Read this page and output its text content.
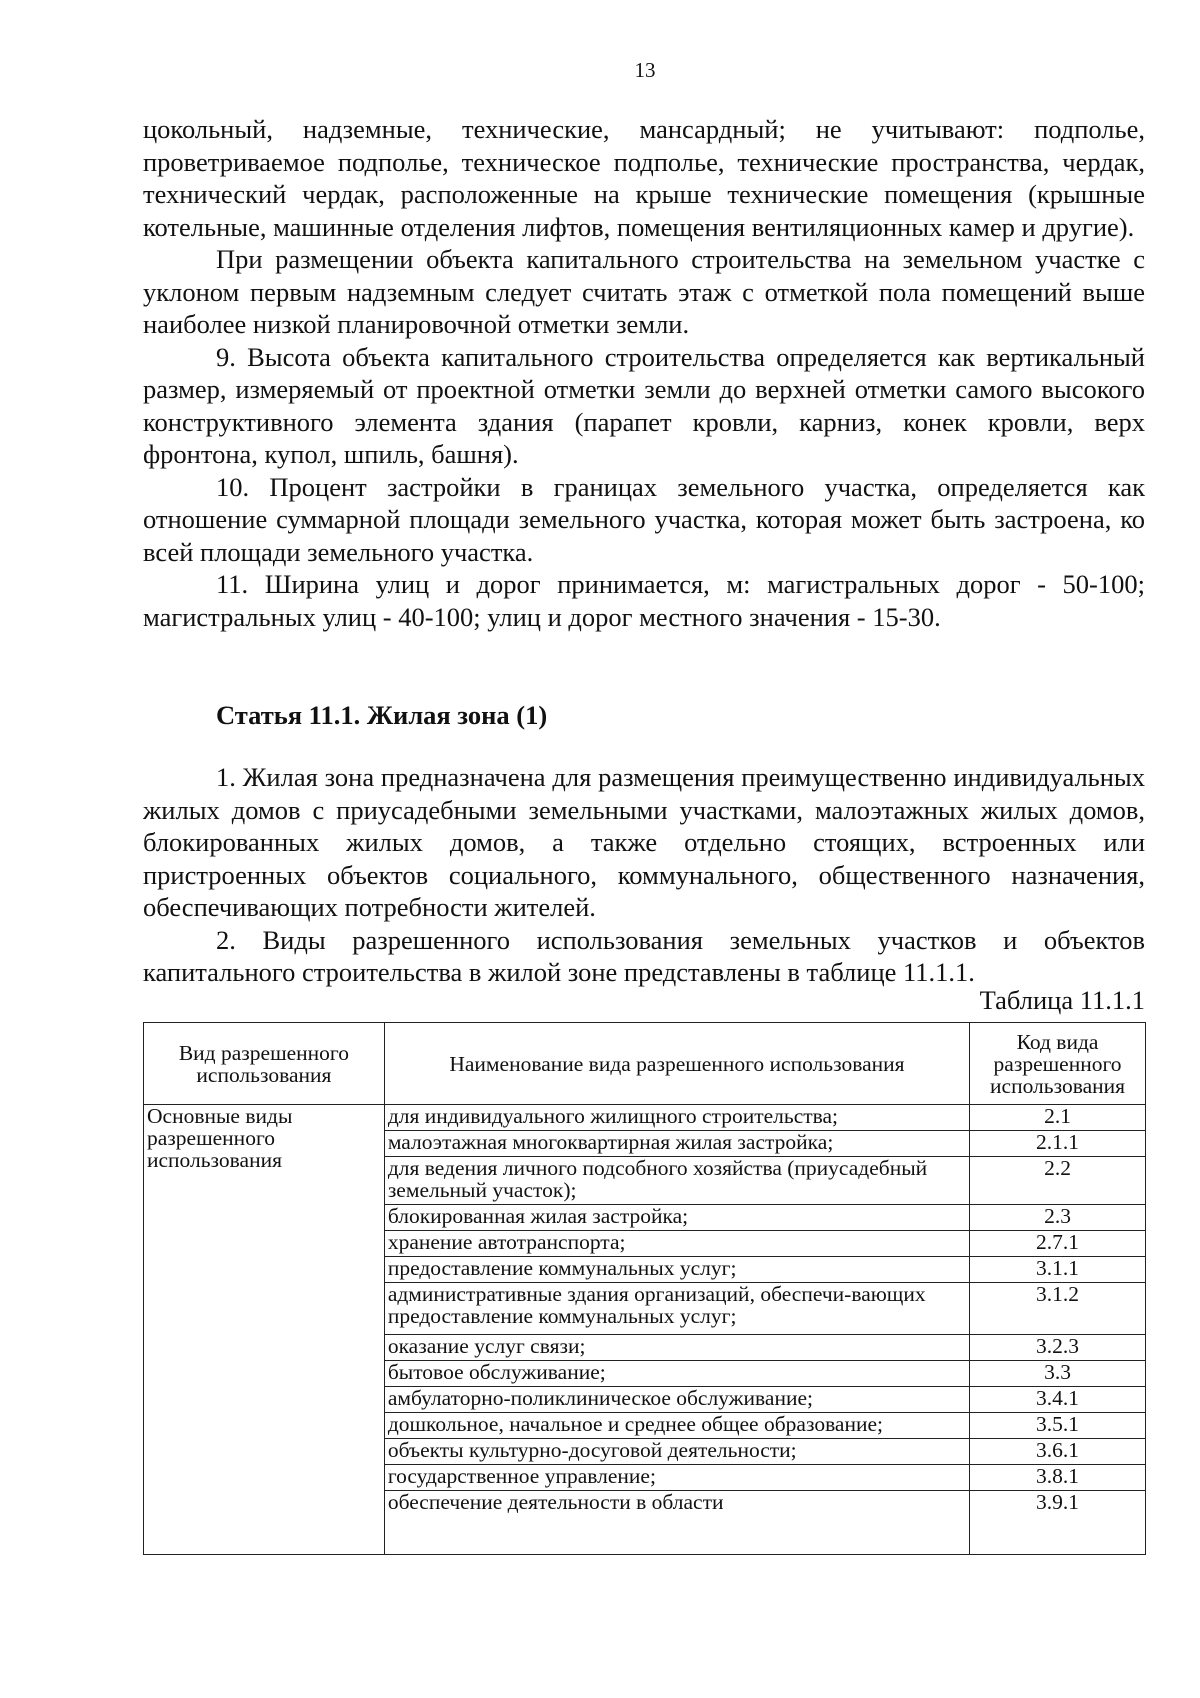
13

цокольный, надземные, технические, мансардный; не учитывают: подполье, проветриваемое подполье, техническое подполье, технические пространства, чердак, технический чердак, расположенные на крыше технические помещения (крышные котельные, машинные отделения лифтов, помещения вентиляционных камер и другие).

При размещении объекта капитального строительства на земельном участке с уклоном первым надземным следует считать этаж с отметкой пола помещений выше наиболее низкой планировочной отметки земли.

9. Высота объекта капитального строительства определяется как вертикальный размер, измеряемый от проектной отметки земли до верхней отметки самого высокого конструктивного элемента здания (парапет кровли, карниз, конек кровли, верх фронтона, купол, шпиль, башня).

10. Процент застройки в границах земельного участка, определяется как отношение суммарной площади земельного участка, которая может быть застроена, ко всей площади земельного участка.

11. Ширина улиц и дорог принимается, м: магистральных дорог - 50-100; магистральных улиц - 40-100; улиц и дорог местного значения - 15-30.

Статья 11.1. Жилая зона (1)

1. Жилая зона предназначена для размещения преимущественно индивидуальных жилых домов с приусадебными земельными участками, малоэтажных жилых домов, блокированных жилых домов, а также отдельно стоящих, встроенных или пристроенных объектов социального, коммунального, общественного назначения, обеспечивающих потребности жителей.

2. Виды разрешенного использования земельных участков и объектов капитального строительства в жилой зоне представлены в таблице 11.1.1.

Таблица 11.1.1
Вид разрешенного использования	Наименование вида разрешенного использования	Код вида разрешенного использования
Основные виды разрешенного использования	для индивидуального жилищного строительства;	2.1
	малоэтажная многоквартирная жилая застройка;	2.1.1
	для ведения личного подсобного хозяйства (приусадебный земельный участок);	2.2
	блокированная жилая застройка;	2.3
	хранение автотранспорта;	2.7.1
	предоставление коммунальных услуг;	3.1.1
	административные здания организаций, обеспечи-вающих предоставление коммунальных услуг;	3.1.2
	оказание услуг связи;	3.2.3
	бытовое обслуживание;	3.3
	амбулаторно-поликлиническое обслуживание;	3.4.1
	дошкольное, начальное и среднее общее образование;	3.5.1
	объекты культурно-досуговой деятельности;	3.6.1
	государственное управление;	3.8.1
	обеспечение деятельности в области	3.9.1
